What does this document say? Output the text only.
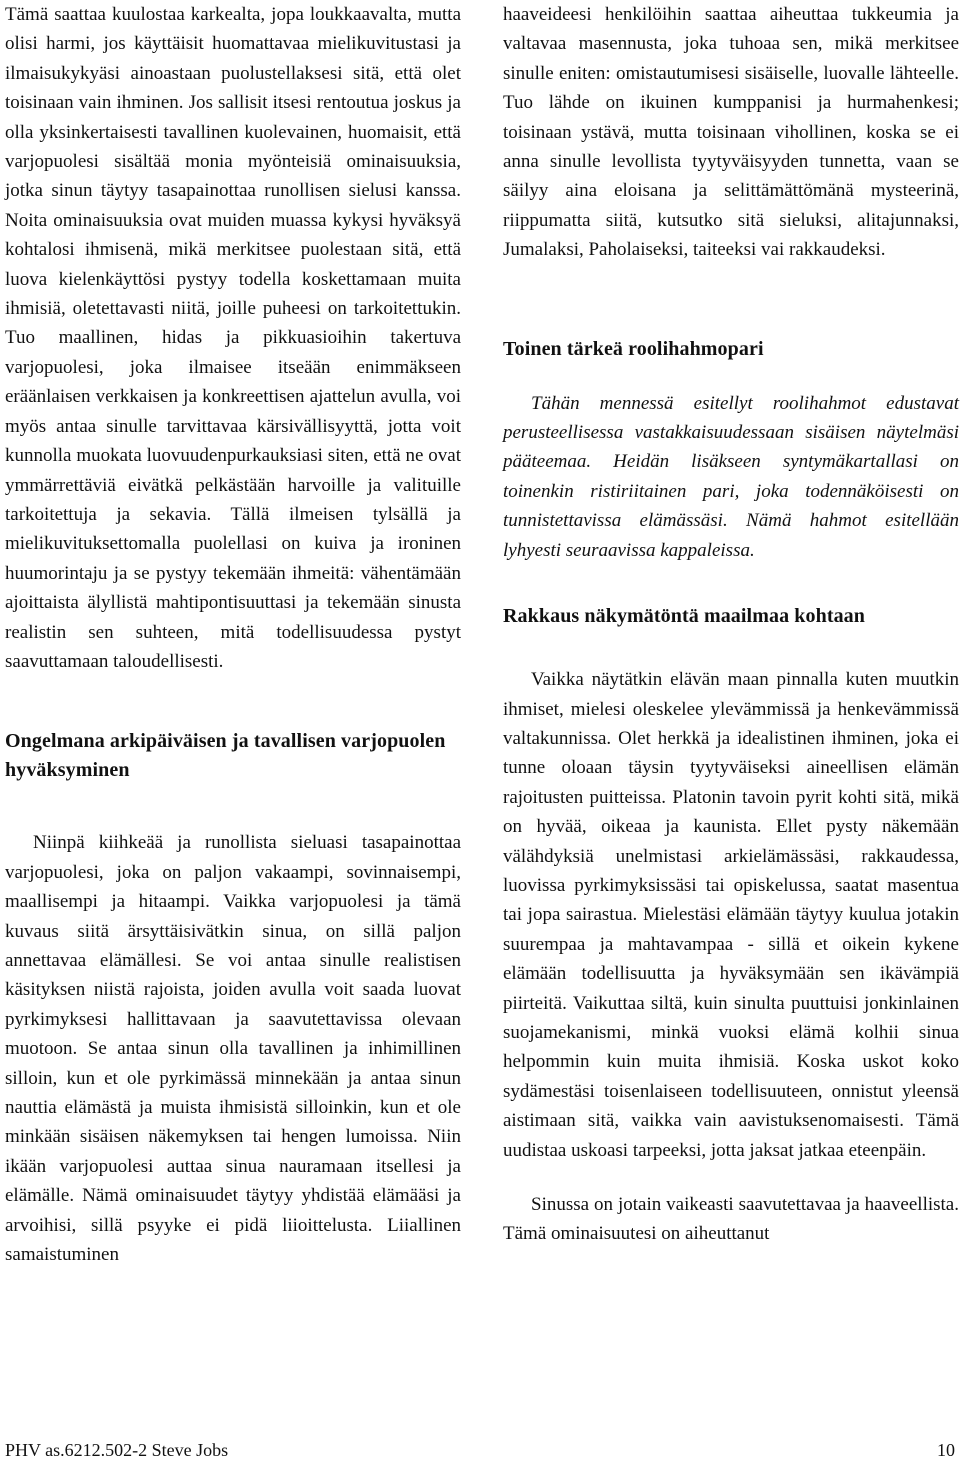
Tämä saattaa kuulostaa karkealta, jopa loukkaavalta, mutta olisi harmi, jos käyttäisit huomattavaa mielikuvitustasi ja ilmaisukykyäsi ainoastaan puolustellaksesi sitä, että olet toisinaan vain ihminen. Jos sallisit itsesi rentoutua joskus ja olla yksinkertaisesti tavallinen kuolevainen, huomaisit, että varjopuolesi sisältää monia myönteisiä ominaisuuksia, jotka sinun täytyy tasapainottaa runollisen sielusi kanssa. Noita ominaisuuksia ovat muiden muassa kykysi hyväksyä kohtalosi ihmisenä, mikä merkitsee puolestaan sitä, että luova kielenkäyttösi pystyy todella koskettamaan muita ihmisiä, oletettavasti niitä, joille puheesi on tarkoitettukin. Tuo maallinen, hidas ja pikkuasioihin takertuva varjopuolesi, joka ilmaisee itseään enimmäkseen eräänlaisen verkkaisen ja konkreettisen ajattelun avulla, voi myös antaa sinulle tarvittavaa kärsivällisyyttä, jotta voit kunnolla muokata luovuudenpurkauksiasi siten, että ne ovat ymmärrettäviä eivätkä pelkästään harvoille ja valituille tarkoitettuja ja sekavia. Tällä ilmeisen tylsällä ja mielikuvituksettomalla puolellasi on kuiva ja ironinen huumorintaju ja se pystyy tekemään ihmeitä: vähentämään ajoittaista älyllistä mahtipontisuuttasi ja tekemään sinusta realistin sen suhteen, mitä todellisuudessa pystyt saavuttamaan taloudellisesti.

Ongelmana arkipäiväisen ja tavallisen varjopuolen hyväksyminen

Niinpä kiihkeää ja runollista sieluasi tasapainottaa varjopuolesi, joka on paljon vakaampi, sovinnaisempi, maallisempi ja hitaampi. Vaikka varjopuolesi ja tämä kuvaus siitä ärsyttäisivätkin sinua, on sillä paljon annettavaa elämällesi. Se voi antaa sinulle realistisen käsityksen niistä rajoista, joiden avulla voit saada luovat pyrkimyksesi hallittavaan ja saavutettavissa olevaan muotoon. Se antaa sinun olla tavallinen ja inhimillinen silloin, kun et ole pyrkimässä minnekään ja antaa sinun nauttia elämästä ja muista ihmisistä silloinkin, kun et ole minkään sisäisen näkemyksen tai hengen lumoissa. Niin ikään varjopuolesi auttaa sinua nauramaan itsellesi ja elämälle. Nämä ominaisuudet täytyy yhdistää elämääsi ja arvoihisi, sillä psyyke ei pidä liioittelusta. Liiallinen samaistuminen

haaveideesi henkilöihin saattaa aiheuttaa tukkeumia ja valtavaa masennusta, joka tuhoaa sen, mikä merkitsee sinulle eniten: omistautumisesi sisäiselle, luovalle lähteelle. Tuo lähde on ikuinen kumppanisi ja hurmahenkesi; toisinaan ystävä, mutta toisinaan vihollinen, koska se ei anna sinulle levollista tyytyväisyyden tunnetta, vaan se säilyy aina eloisana ja selittämättömänä mysteerinä, riippumatta siitä, kutsutko sitä sieluksi, alitajunnaksi, Jumalaksi, Paholaiseksi, taiteeksi vai rakkaudeksi.

Toinen tärkeä roolihahmopari

Tähän mennessä esitellyt roolihahmot edustavat perusteellisessa vastakkaisuudessaan sisäisen näytelmäsi pääteemaa. Heidän lisäkseen syntymäkartallasi on toinenkin ristiriitainen pari, joka todennäköisesti on tunnistettavissa elämässäsi. Nämä hahmot esitellään lyhyesti seuraavissa kappaleissa.

Rakkaus näkymätöntä maailmaa kohtaan

Vaikka näytätkin elävän maan pinnalla kuten muutkin ihmiset, mielesi oleskelee ylevämmissä ja henkevämmissä valtakunnissa. Olet herkkä ja idealistinen ihminen, joka ei tunne oloaan täysin tyytyväiseksi aineellisen elämän rajoitusten puitteissa. Platonin tavoin pyrit kohti sitä, mikä on hyvää, oikeaa ja kaunista. Ellet pysty näkemään välähdyksiä unelmistasi arkielämässäsi, rakkaudessa, luovissa pyrkimyksissäsi tai opiskelussa, saatat masentua tai jopa sairastua. Mielestäsi elämään täytyy kuulua jotakin suurempaa ja mahtavampaa - sillä et oikein kykene elämään todellisuutta ja hyväksymään sen ikävämpiä piirteitä. Vaikuttaa siltä, kuin sinulta puuttuisi jonkinlainen suojamekanismi, minkä vuoksi elämä kolhii sinua helpommin kuin muita ihmisiä. Koska uskot koko sydämestäsi toisenlaiseen todellisuuteen, onnistut yleensä aistimaan sitä, vaikka vain aavistuksenomaisesti. Tämä uudistaa uskoasi tarpeeksi, jotta jaksat jatkaa eteenpäin.

Sinussa on jotain vaikeasti saavutettavaa ja haaveellista. Tämä ominaisuutesi on aiheuttanut

PHV as.6212.502-2 Steve Jobs	10
